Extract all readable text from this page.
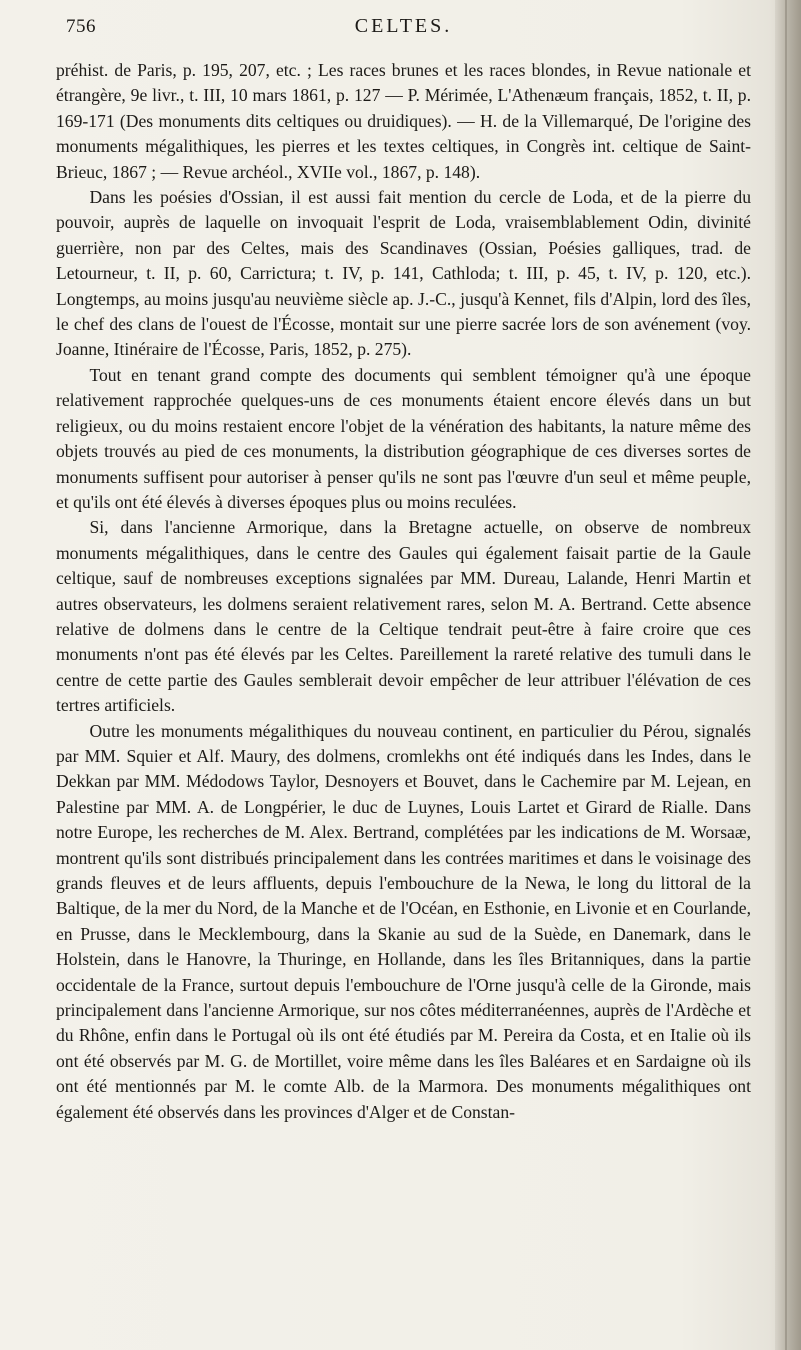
756	CELTES.

préhist. de Paris, p. 195, 207, etc. ; Les races brunes et les races blondes, in Revue nationale et étrangère, 9e livr., t. III, 10 mars 1861, p. 127 — P. Mérimée, L'Athenæum français, 1852, t. II, p. 169-171 (Des monuments dits celtiques ou druidiques). — H. de la Villemarqué, De l'origine des monuments mégalithiques, les pierres et les textes celtiques, in Congrès int. celtique de Saint-Brieuc, 1867 ; — Revue archéol., XVIIe vol., 1867, p. 148).

Dans les poésies d'Ossian, il est aussi fait mention du cercle de Loda, et de la pierre du pouvoir, auprès de laquelle on invoquait l'esprit de Loda, vraisemblablement Odin, divinité guerrière, non par des Celtes, mais des Scandinaves (Ossian, Poésies galliques, trad. de Letourneur, t. II, p. 60, Carrictura; t. IV, p. 141, Cathloda; t. III, p. 45, t. IV, p. 120, etc.). Longtemps, au moins jusqu'au neuvième siècle ap. J.-C., jusqu'à Kennet, fils d'Alpin, lord des îles, le chef des clans de l'ouest de l'Écosse, montait sur une pierre sacrée lors de son avénement (voy. Joanne, Itinéraire de l'Écosse, Paris, 1852, p. 275).

Tout en tenant grand compte des documents qui semblent témoigner qu'à une époque relativement rapprochée quelques-uns de ces monuments étaient encore élevés dans un but religieux, ou du moins restaient encore l'objet de la vénération des habitants, la nature même des objets trouvés au pied de ces monuments, la distribution géographique de ces diverses sortes de monuments suffisent pour autoriser à penser qu'ils ne sont pas l'œuvre d'un seul et même peuple, et qu'ils ont été élevés à diverses époques plus ou moins reculées.

Si, dans l'ancienne Armorique, dans la Bretagne actuelle, on observe de nombreux monuments mégalithiques, dans le centre des Gaules qui également faisait partie de la Gaule celtique, sauf de nombreuses exceptions signalées par MM. Dureau, Lalande, Henri Martin et autres observateurs, les dolmens seraient relativement rares, selon M. A. Bertrand. Cette absence relative de dolmens dans le centre de la Celtique tendrait peut-être à faire croire que ces monuments n'ont pas été élevés par les Celtes. Pareillement la rareté relative des tumuli dans le centre de cette partie des Gaules semblerait devoir empêcher de leur attribuer l'élévation de ces tertres artificiels.

Outre les monuments mégalithiques du nouveau continent, en particulier du Pérou, signalés par MM. Squier et Alf. Maury, des dolmens, cromlekhs ont été indiqués dans les Indes, dans le Dekkan par MM. Médodows Taylor, Desnoyers et Bouvet, dans le Cachemire par M. Lejean, en Palestine par MM. A. de Longpérier, le duc de Luynes, Louis Lartet et Girard de Rialle. Dans notre Europe, les recherches de M. Alex. Bertrand, complétées par les indications de M. Worsaæ, montrent qu'ils sont distribués principalement dans les contrées maritimes et dans le voisinage des grands fleuves et de leurs affluents, depuis l'embouchure de la Newa, le long du littoral de la Baltique, de la mer du Nord, de la Manche et de l'Océan, en Esthonie, en Livonie et en Courlande, en Prusse, dans le Mecklembourg, dans la Skanie au sud de la Suède, en Danemark, dans le Holstein, dans le Hanovre, la Thuringe, en Hollande, dans les îles Britanniques, dans la partie occidentale de la France, surtout depuis l'embouchure de l'Orne jusqu'à celle de la Gironde, mais principalement dans l'ancienne Armorique, sur nos côtes méditerranéennes, auprès de l'Ardèche et du Rhône, enfin dans le Portugal où ils ont été étudiés par M. Pereira da Costa, et en Italie où ils ont été observés par M. G. de Mortillet, voire même dans les îles Baléares et en Sardaigne où ils ont été mentionnés par M. le comte Alb. de la Marmora. Des monuments mégalithiques ont également été observés dans les provinces d'Alger et de Constan-
